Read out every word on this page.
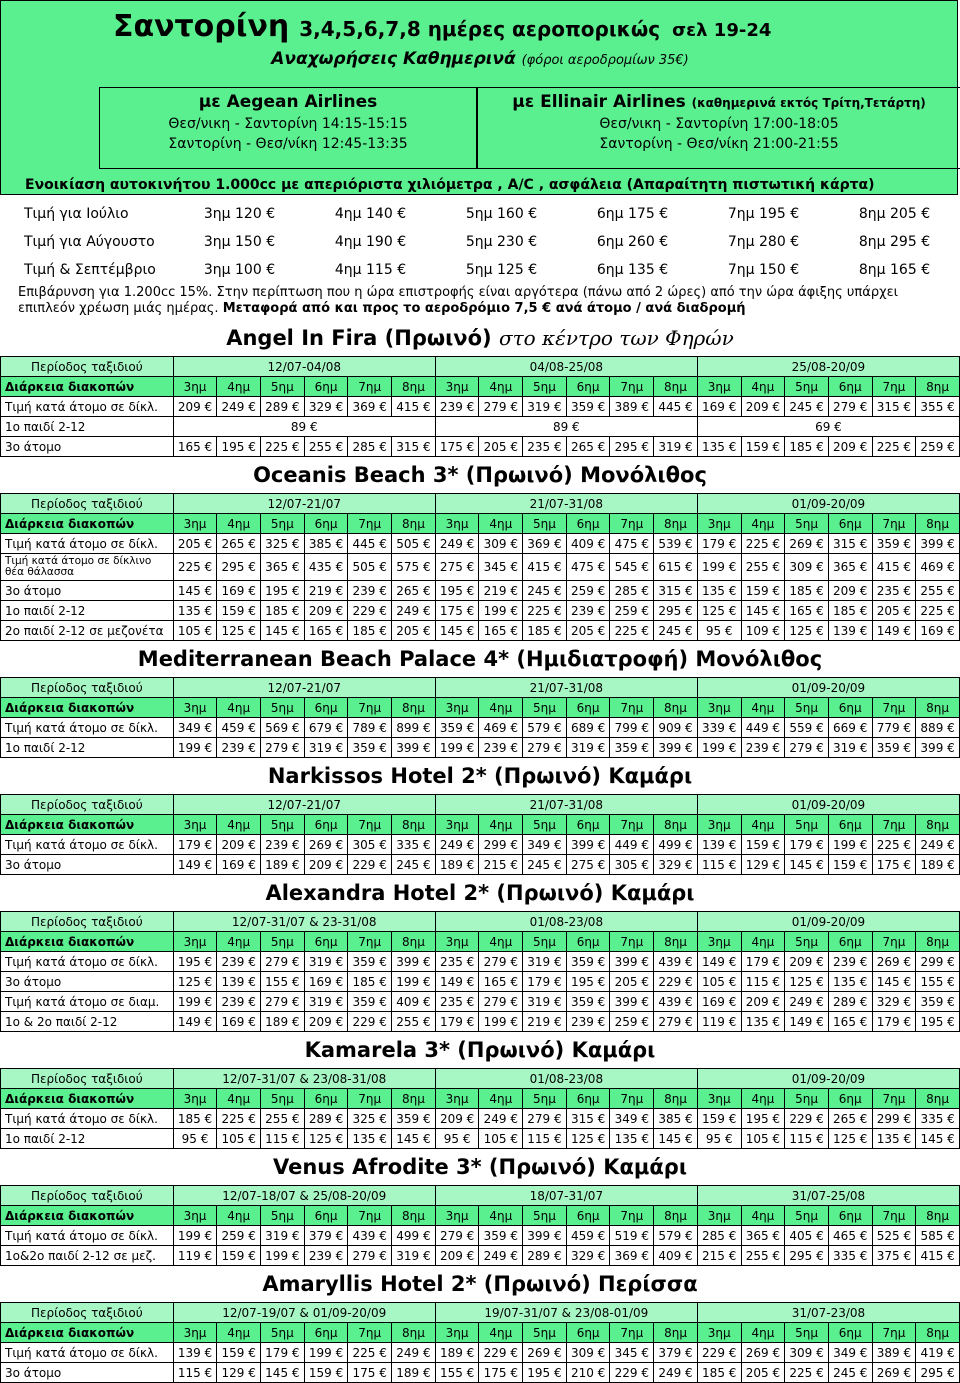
Σαντορίνη 3,4,5,6,7,8 ημέρες αεροπορικώς σελ 19-24
Αναχωρήσεις Καθημερινά (φόροι αεροδρομίων 35€)
με Aegean Airlines
Θεσ/νικη - Σαντορίνη 14:15-15:15
Σαντορίνη - Θεσ/νίκη 12:45-13:35
με Ellinair Airlines (καθημερινά εκτός Τρίτη,Τετάρτη)
Θεσ/νικη - Σαντορίνη 17:00-18:05
Σαντορίνη - Θεσ/νίκη 21:00-21:55
Ενοικίαση αυτοκινήτου 1.000cc με απεριόριστα χιλιόμετρα , A/C , ασφάλεια (Απαραίτητη πιστωτική κάρτα)
Τιμή για Ιούλιο	3ημ 120 €	4ημ 140 €	5ημ 160 €	6ημ 175 €	7ημ 195 €	8ημ 205 €
Τιμή για Αύγουστο	3ημ 150 €	4ημ 190 €	5ημ 230 €	6ημ 260 €	7ημ 280 €	8ημ 295 €
Τιμή & Σεπτέμβριο	3ημ 100 €	4ημ 115 €	5ημ 125 €	6ημ 135 €	7ημ 150 €	8ημ 165 €
Επιβάρυνση για 1.200cc 15%. Στην περίπτωση που η ώρα επιστροφής είναι αργότερα (πάνω από 2 ώρες) από την ώρα άφιξης υπάρχει επιπλεόν χρέωση μιάς ημέρας. Μεταφορά από και προς το αεροδρόμιο 7,5 € ανά άτομο / ανά διαδρομή
Angel In Fira (Πρωινό) στο κέντρο των Φηρών
Περίοδος ταξιδιού	12/07-04/08						04/08-25/08						25/08-20/09					
Διάρκεια διακοπών	3ημ	4ημ	5ημ	6ημ	7ημ	8ημ	3ημ	4ημ	5ημ	6ημ	7ημ	8ημ	3ημ	4ημ	5ημ	6ημ	7ημ	8ημ
Τιμή κατά άτομο σε δίκλ.	209 €	249 €	289 €	329 €	369 €	415 €	239 €	279 €	319 €	359 €	389 €	445 €	169 €	209 €	245 €	279 €	315 €	355 €
1ο παιδί 2-12	89 €						89 €						69 €
3ο άτομο	165 €	195 €	225 €	255 €	285 €	315 €	175 €	205 €	235 €	265 €	295 €	319 €	135 €	159 €	185 €	209 €	225 €	259 €
Oceanis Beach 3* (Πρωινό) Μονόλιθος
Περίοδος ταξιδιού	12/07-21/07						21/07-31/08						01/09-20/09					
Διάρκεια διακοπών	3ημ	4ημ	5ημ	6ημ	7ημ	8ημ	3ημ	4ημ	5ημ	6ημ	7ημ	8ημ	3ημ	4ημ	5ημ	6ημ	7ημ	8ημ
Τιμή κατά άτομο σε δίκλ.	205 €	265 €	325 €	385 €	445 €	505 €	249 €	309 €	369 €	409 €	475 €	539 €	179 €	225 €	269 €	315 €	359 €	399 €
Τιμή κατά άτομο σε δίκλινο θέα θάλασσα	225 €	295 €	365 €	435 €	505 €	575 €	275 €	345 €	415 €	475 €	545 €	615 €	199 €	255 €	309 €	365 €	415 €	469 €
3ο άτομο	145 €	169 €	195 €	219 €	239 €	265 €	195 €	219 €	245 €	259 €	285 €	315 €	135 €	159 €	185 €	209 €	235 €	255 €
1ο παιδί 2-12	135 €	159 €	185 €	209 €	229 €	249 €	175 €	199 €	225 €	239 €	259 €	295 €	125 €	145 €	165 €	185 €	205 €	225 €
2ο παιδί 2-12 σε μεζονέτα	105 €	125 €	145 €	165 €	185 €	205 €	145 €	165 €	185 €	205 €	225 €	245 €	95 €	109 €	125 €	139 €	149 €	169 €
Mediterranean Beach Palace 4* (Ημιδιατροφή) Μονόλιθος
Περίοδος ταξιδιού	12/07-21/07						21/07-31/08						01/09-20/09					
Διάρκεια διακοπών	3ημ	4ημ	5ημ	6ημ	7ημ	8ημ	3ημ	4ημ	5ημ	6ημ	7ημ	8ημ	3ημ	4ημ	5ημ	6ημ	7ημ	8ημ
Τιμή κατά άτομο σε δίκλ.	349 €	459 €	569 €	679 €	789 €	899 €	359 €	469 €	579 €	689 €	799 €	909 €	339 €	449 €	559 €	669 €	779 €	889 €
1ο παιδί 2-12	199 €	239 €	279 €	319 €	359 €	399 €	199 €	239 €	279 €	319 €	359 €	399 €	199 €	239 €	279 €	319 €	359 €	399 €
Narkissos Hotel 2* (Πρωινό) Καμάρι
Περίοδος ταξιδιού	12/07-21/07						21/07-31/08						01/09-20/09					
Διάρκεια διακοπών	3ημ	4ημ	5ημ	6ημ	7ημ	8ημ	3ημ	4ημ	5ημ	6ημ	7ημ	8ημ	3ημ	4ημ	5ημ	6ημ	7ημ	8ημ
Τιμή κατά άτομο σε δίκλ.	179 €	209 €	239 €	269 €	305 €	335 €	249 €	299 €	349 €	399 €	449 €	499 €	139 €	159 €	179 €	199 €	225 €	249 €
3ο άτομο	149 €	169 €	189 €	209 €	229 €	245 €	189 €	215 €	245 €	275 €	305 €	329 €	115 €	129 €	145 €	159 €	175 €	189 €
Alexandra Hotel 2* (Πρωινό) Καμάρι
Περίοδος ταξιδιού	12/07-31/07 & 23-31/08						01/08-23/08						01/09-20/09					
Διάρκεια διακοπών	3ημ	4ημ	5ημ	6ημ	7ημ	8ημ	3ημ	4ημ	5ημ	6ημ	7ημ	8ημ	3ημ	4ημ	5ημ	6ημ	7ημ	8ημ
Τιμή κατά άτομο σε δίκλ.	195 €	239 €	279 €	319 €	359 €	399 €	235 €	279 €	319 €	359 €	399 €	439 €	149 €	179 €	209 €	239 €	269 €	299 €
3ο άτομο	125 €	139 €	155 €	169 €	185 €	199 €	149 €	165 €	179 €	195 €	205 €	229 €	105 €	115 €	125 €	135 €	145 €	155 €
Τιμή κατά άτομο σε διαμ.	199 €	239 €	279 €	319 €	359 €	409 €	235 €	279 €	319 €	359 €	399 €	439 €	169 €	209 €	249 €	289 €	329 €	359 €
1ο & 2ο παιδί 2-12	149 €	169 €	189 €	209 €	229 €	255 €	179 €	199 €	219 €	239 €	259 €	279 €	119 €	135 €	149 €	165 €	179 €	195 €
Kamarela 3* (Πρωινό) Καμάρι
Περίοδος ταξιδιού	12/07-31/07 & 23/08-31/08						01/08-23/08						01/09-20/09					
Διάρκεια διακοπών	3ημ	4ημ	5ημ	6ημ	7ημ	8ημ	3ημ	4ημ	5ημ	6ημ	7ημ	8ημ	3ημ	4ημ	5ημ	6ημ	7ημ	8ημ
Τιμή κατά άτομο σε δίκλ.	185 €	225 €	255 €	289 €	325 €	359 €	209 €	249 €	279 €	315 €	349 €	385 €	159 €	195 €	229 €	265 €	299 €	335 €
1ο παιδί 2-12	95 €	105 €	115 €	125 €	135 €	145 €	95 €	105 €	115 €	125 €	135 €	145 €	95 €	105 €	115 €	125 €	135 €	145 €
Venus Afrodite 3* (Πρωινό) Καμάρι
Περίοδος ταξιδιού	12/07-18/07 & 25/08-20/09						18/07-31/07						31/07-25/08					
Διάρκεια διακοπών	3ημ	4ημ	5ημ	6ημ	7ημ	8ημ	3ημ	4ημ	5ημ	6ημ	7ημ	8ημ	3ημ	4ημ	5ημ	6ημ	7ημ	8ημ
Τιμή κατά άτομο σε δίκλ.	199 €	259 €	319 €	379 €	439 €	499 €	279 €	359 €	399 €	459 €	519 €	579 €	285 €	365 €	405 €	465 €	525 €	585 €
1ο&2ο παιδί 2-12 σε μεζ.	119 €	159 €	199 €	239 €	279 €	319 €	209 €	249 €	289 €	329 €	369 €	409 €	215 €	255 €	295 €	335 €	375 €	415 €
Amaryllis Hotel 2* (Πρωινό) Περίσσα
Περίοδος ταξιδιού	12/07-19/07 & 01/09-20/09						19/07-31/07 & 23/08-01/09						31/07-23/08					
Διάρκεια διακοπών	3ημ	4ημ	5ημ	6ημ	7ημ	8ημ	3ημ	4ημ	5ημ	6ημ	7ημ	8ημ	3ημ	4ημ	5ημ	6ημ	7ημ	8ημ
Τιμή κατά άτομο σε δίκλ.	139 €	159 €	179 €	199 €	225 €	249 €	189 €	229 €	269 €	309 €	345 €	379 €	229 €	269 €	309 €	349 €	389 €	419 €
3ο άτομο	115 €	129 €	145 €	159 €	175 €	189 €	155 €	175 €	195 €	210 €	229 €	249 €	185 €	205 €	225 €	245 €	269 €	295 €
